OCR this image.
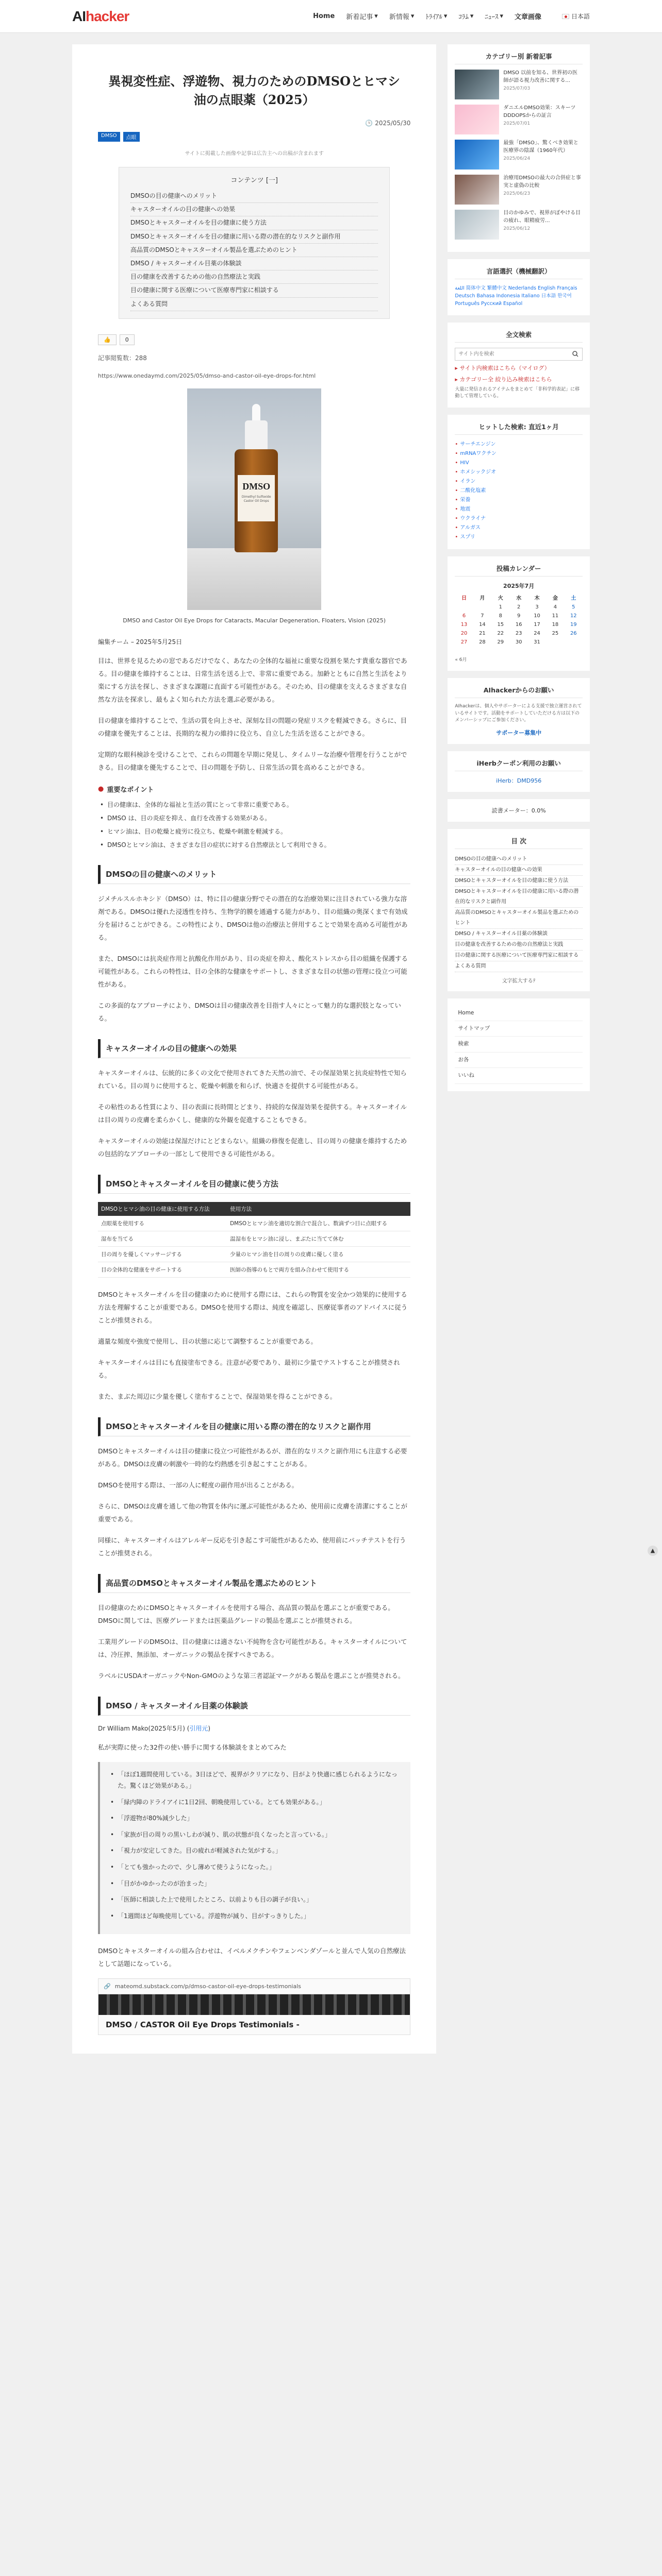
AIhacker	Home 新着記事 ▾ 新情報 ▾ ﾄﾗｲｱﾙ ▾ ｺﾗﾑ ▾ ﾆｭｰｽ ▾ 文章画像	日本語
異視変性症、浮遊物、視力のためのDMSOとヒマシ油の点眼薬（2025）
🕒 2025/05/30
DMSO	点眼
サイトに掲載した画像や記事は広告主への出稿が含まれます
コンテンツ [一]
DMSOの目の健康へのメリット
キャスターオイルの目の健康への効果
DMSOとキャスターオイルを目の健康に使う方法
DMSOとキャスターオイルを目の健康に用いる際の潜在的なリスクと副作用
高品質のDMSOとキャスターオイル製品を選ぶためのヒント
DMSO / キャスターオイル目薬の体験談
目の健康を改善するための他の自然療法と実践
目の健康に関する医療について医療専門家に相談する
よくある質問
👍	0
記事閲覧数：288
https://www.onedaymd.com/2025/05/dmso-and-castor-oil-eye-drops-for.html
DMSO
Dimethyl Sulfoxide Castor Oil Drops
DMSO and Castor Oil Eye Drops for Cataracts, Macular Degeneration, Floaters, Vision (2025)
編集チーム – 2025年5月25日

目は、世界を見るための窓であるだけでなく、あなたの全体的な福祉に重要な役割を果たす貴重な器官である。目の健康を維持することは、日常生活を送る上で、非常に重要である。加齢とともに自然と生活をより楽にする方法を探し、さまざまな課題に直面する可能性がある。そのため、目の健康を支えるさまざまな自然な方法を探求し、最もよく知られた方法を選ぶ必要がある。

目の健康を維持することで、生活の質を向上させ、深刻な目の問題の発症リスクを軽減できる。さらに、目の健康を優先することは、長期的な視力の維持に役立ち、自立した生活を送ることができる。

定期的な眼科検診を受けることで、これらの問題を早期に発見し、タイムリーな治療や管理を行うことができる。目の健康を優先することで、目の問題を予防し、日常生活の質を高めることができる。

● 重要なポイント
• 目の健康は、全体的な福祉と生活の質にとって非常に重要である。
• DMSO は、目の炎症を抑え、血行を改善する効果がある。
• ヒマシ油は、目の乾燥と疲労に役立ち、乾燥や刺激を軽減する。
• DMSOとヒマシ油は、さまざまな目の症状に対する自然療法として利用できる。
DMSOの目の健康へのメリット

ジメチルスルホキシド（DMSO）は、特に目の健康分野でその潜在的な治療効果に注目されている強力な溶剤である。DMSOは優れた浸透性を持ち、生物学的膜を通過する能力があり、目の組織の奥深くまで有効成分を届けることができる。この特性により、DMSOは他の治療法と併用することで効果を高める可能性がある。

また、DMSOには抗炎症作用と抗酸化作用があり、目の炎症を抑え、酸化ストレスから目の組織を保護する可能性がある。これらの特性は、目の全体的な健康をサポートし、さまざまな目の状態の管理に役立つ可能性がある。

この多面的なアプローチにより、DMSOは目の健康改善を目指す人々にとって魅力的な選択肢となっている。

キャスターオイルの目の健康への効果

キャスターオイルは、伝統的に多くの文化で使用されてきた天然の油で、その保湿効果と抗炎症特性で知られている。目の周りに使用すると、乾燥や刺激を和らげ、快適さを提供する可能性がある。

その粘性のある性質により、目の表面に長時間とどまり、持続的な保湿効果を提供する。キャスターオイルは目の周りの皮膚を柔らかくし、健康的な外観を促進することもできる。

キャスターオイルの効能は保湿だけにとどまらない。組織の修復を促進し、目の周りの健康を維持するための包括的なアプローチの一部として使用できる可能性がある。

DMSOとキャスターオイルを目の健康に使う方法
DMSOとヒマシ油の目の健康に使用する方法	使用方法
点眼薬を使用する	DMSOとヒマシ油を適切な割合で混合し、数滴ずつ目に点眼する
湿布を当てる	温湿布をヒマシ油に浸し、まぶたに当てて休む
目の周りを優しくマッサージする	少量のヒマシ油を目の周りの皮膚に優しく塗る
目の全体的な健康をサポートする	医師の指導のもとで両方を組み合わせて使用する

DMSOとキャスターオイルを目の健康のために使用する際には、これらの物質を安全かつ効果的に使用する方法を理解することが重要である。DMSOを使用する際は、純度を確認し、医療従事者のアドバイスに従うことが推奨される。

適量な頻度や強度で使用し、目の状態に応じて調整することが重要である。

キャスターオイルは目にも直接塗布できる。注意が必要であり、最初に少量でテストすることが推奨される。

また、まぶた周辺に少量を優しく塗布することで、保湿効果を得ることができる。

DMSOとキャスターオイルを目の健康に用いる際の潜在的なリスクと副作用

DMSOとキャスターオイルは目の健康に役立つ可能性があるが、潜在的なリスクと副作用にも注意する必要がある。DMSOは皮膚の刺激や一時的な灼熱感を引き起こすことがある。

DMSOを使用する際は、一部の人に軽度の副作用が出ることがある。

さらに、DMSOは皮膚を通して他の物質を体内に運ぶ可能性があるため、使用前に皮膚を清潔にすることが重要である。

同様に、キャスターオイルはアレルギー反応を引き起こす可能性があるため、使用前にパッチテストを行うことが推奨される。

高品質のDMSOとキャスターオイル製品を選ぶためのヒント

目の健康のためにDMSOとキャスターオイルを使用する場合、高品質の製品を選ぶことが重要である。DMSOに関しては、医療グレードまたは医薬品グレードの製品を選ぶことが推奨される。

工業用グレードのDMSOは、目の健康には適さない不純物を含む可能性がある。キャスターオイルについては、冷圧搾、無添加、オーガニックの製品を探すべきである。

ラベルにUSDAオーガニックやNon-GMOのような第三者認証マークがある製品を選ぶことが推奨される。

DMSO / キャスターオイル目薬の体験談
Dr William Mako(2025年5月) (引用元)

私が実際に使った32件の使い勝手に関する体験談をまとめてみた

• 「ほぼ1週間使用している。3日ほどで、視界がクリアになり、目がより快適に感じられるようになった。驚くほど効果がある。」
• 「緑内障のドライアイに1日2回、朝晩使用している。とても効果がある。」
• 「浮遊物が80%減少した」
• 「家族が目の周りの黒いしわが減り、肌の状態が良くなったと言っている。」
• 「視力が安定してきた。目の疲れが軽減された気がする。」
• 「とても強かったので、少し薄めて使うようになった。」
• 「目がかゆかったのが治まった」
• 「医師に相談した上で使用したところ、以前よりも目の調子が良い。」
• 「1週間ほど毎晩使用している。浮遊物が減り、目がすっきりした。」

DMSOとキャスターオイルの組み合わせは、イベルメクチンやフェンベンダゾールと並んで人気の自然療法として話題になっている。

🔗 mateomd.substack.com/p/dmso-castor-oil-eye-drops-testimonials
DMSO / CASTOR Oil Eye Drops Testimonials -
カテゴリー別 新着記事
DMSO 以前を知る、世界初の医師が語る視力改善に関する...
2025/07/03
ダニエルDMSO効果：スキーツDDDOPSからの証言
2025/07/01
最強「DMSO」、驚くべき効果と医療界の陰謀（1960年代）
2025/06/24
治療用DMSOの最大の合併症と事実と虚偽の比較
2025/06/23
目のかゆみで、視界がぼやける目の疲れ、眼精疲労...
2025/06/12
言語選択（機械翻訳）
اللغة 简体中文 繁體中文 Nederlands English Français Deutsch Bahasa Indonesia Italiano 日本語 한국어 Português Русский Español
全文検索
サイト内を検索
▸ サイト内検索はこちら（マイログ）
▸ カテゴリー全 絞り込み検索はこちら
大量に発信されるアイテムをまとめて「非科学的表記」に移動して管理している。
ヒットした検索: 直近1ヶ月
• サーチエンジン
• mRNAワクチン
• HIV
• ホメシックジオ
• イラン
• 二酸化塩素
• 栄養
• 地震
• ウクライナ
• アルガス
• スプリ
投稿カレンダー
2025年7月
日	月	火	水	木	金	土
		1	2	3	4	5
6	7	8	9	10	11	12
13	14	15	16	17	18	19
20	21	22	23	24	25	26
27	28	29	30	31		
« 6月
AIhackerからのお願い
AIhackerは、個人やサポーターによる支援で独立運営されているサイトです。活動をサポートしていただける方は以下のメンバーシップにご参加ください。
サポーター募集中
iHerbクーポン利用のお願い
iHerb：DMD956
読書メーター：0.0%
目 次
DMSOの目の健康へのメリット
キャスターオイルの目の健康への効果
DMSOとキャスターオイルを目の健康に使う方法
DMSOとキャスターオイルを目の健康に用いる際の潜在的なリスクと副作用
高品質のDMSOとキャスターオイル製品を選ぶためのヒント
DMSO / キャスターオイル目薬の体験談
目の健康を改善するための他の自然療法と実践
目の健康に関する医療について医療専門家に相談する
よくある質問
文字拡大するﾃ
Home
サイトマップ
検索
お各
いいね
▲
